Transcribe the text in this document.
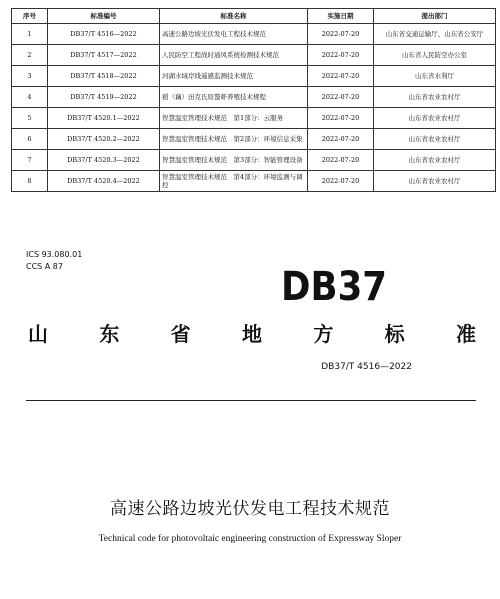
序号	标准编号	标准名称	实施日期	提出部门
1	DB37/T 4516—2022	高速公路边坡光伏发电工程技术规范	2022-07-20	山东省交通运输厅、山东省公安厅
2	DB37/T 4517—2022	人民防空工程战时通风系统检测技术规范	2022-07-20	山东省人民防空办公室
3	DB37/T 4518—2022	河湖水域岸线遥感监测技术规范	2022-07-20	山东省水利厅
4	DB37/T 4519—2022	稻（藕）田克氏原螯虾养殖技术规程	2022-07-20	山东省农业农村厅
5	DB37/T 4520.1—2022	智慧温室管理技术规范　第1部分：云服务	2022-07-20	山东省农业农村厅
6	DB37/T 4520.2—2022	智慧温室管理技术规范　第2部分：环境信息采集	2022-07-20	山东省农业农村厅
7	DB37/T 4520.3—2022	智慧温室管理技术规范　第3部分：智能管理设备	2022-07-20	山东省农业农村厅
8	DB37/T 4520.4—2022	智慧温室管理技术规范　第4部分：环境监测与调控	2022-07-20	山东省农业农村厅
ICS 93.080.01
CCS A 87	DB37
山	东	省	地	方	标	准
DB37/T 4516—2022
高速公路边坡光伏发电工程技术规范
Technical code for photovoltaic engineering construction of Expressway Sloper
